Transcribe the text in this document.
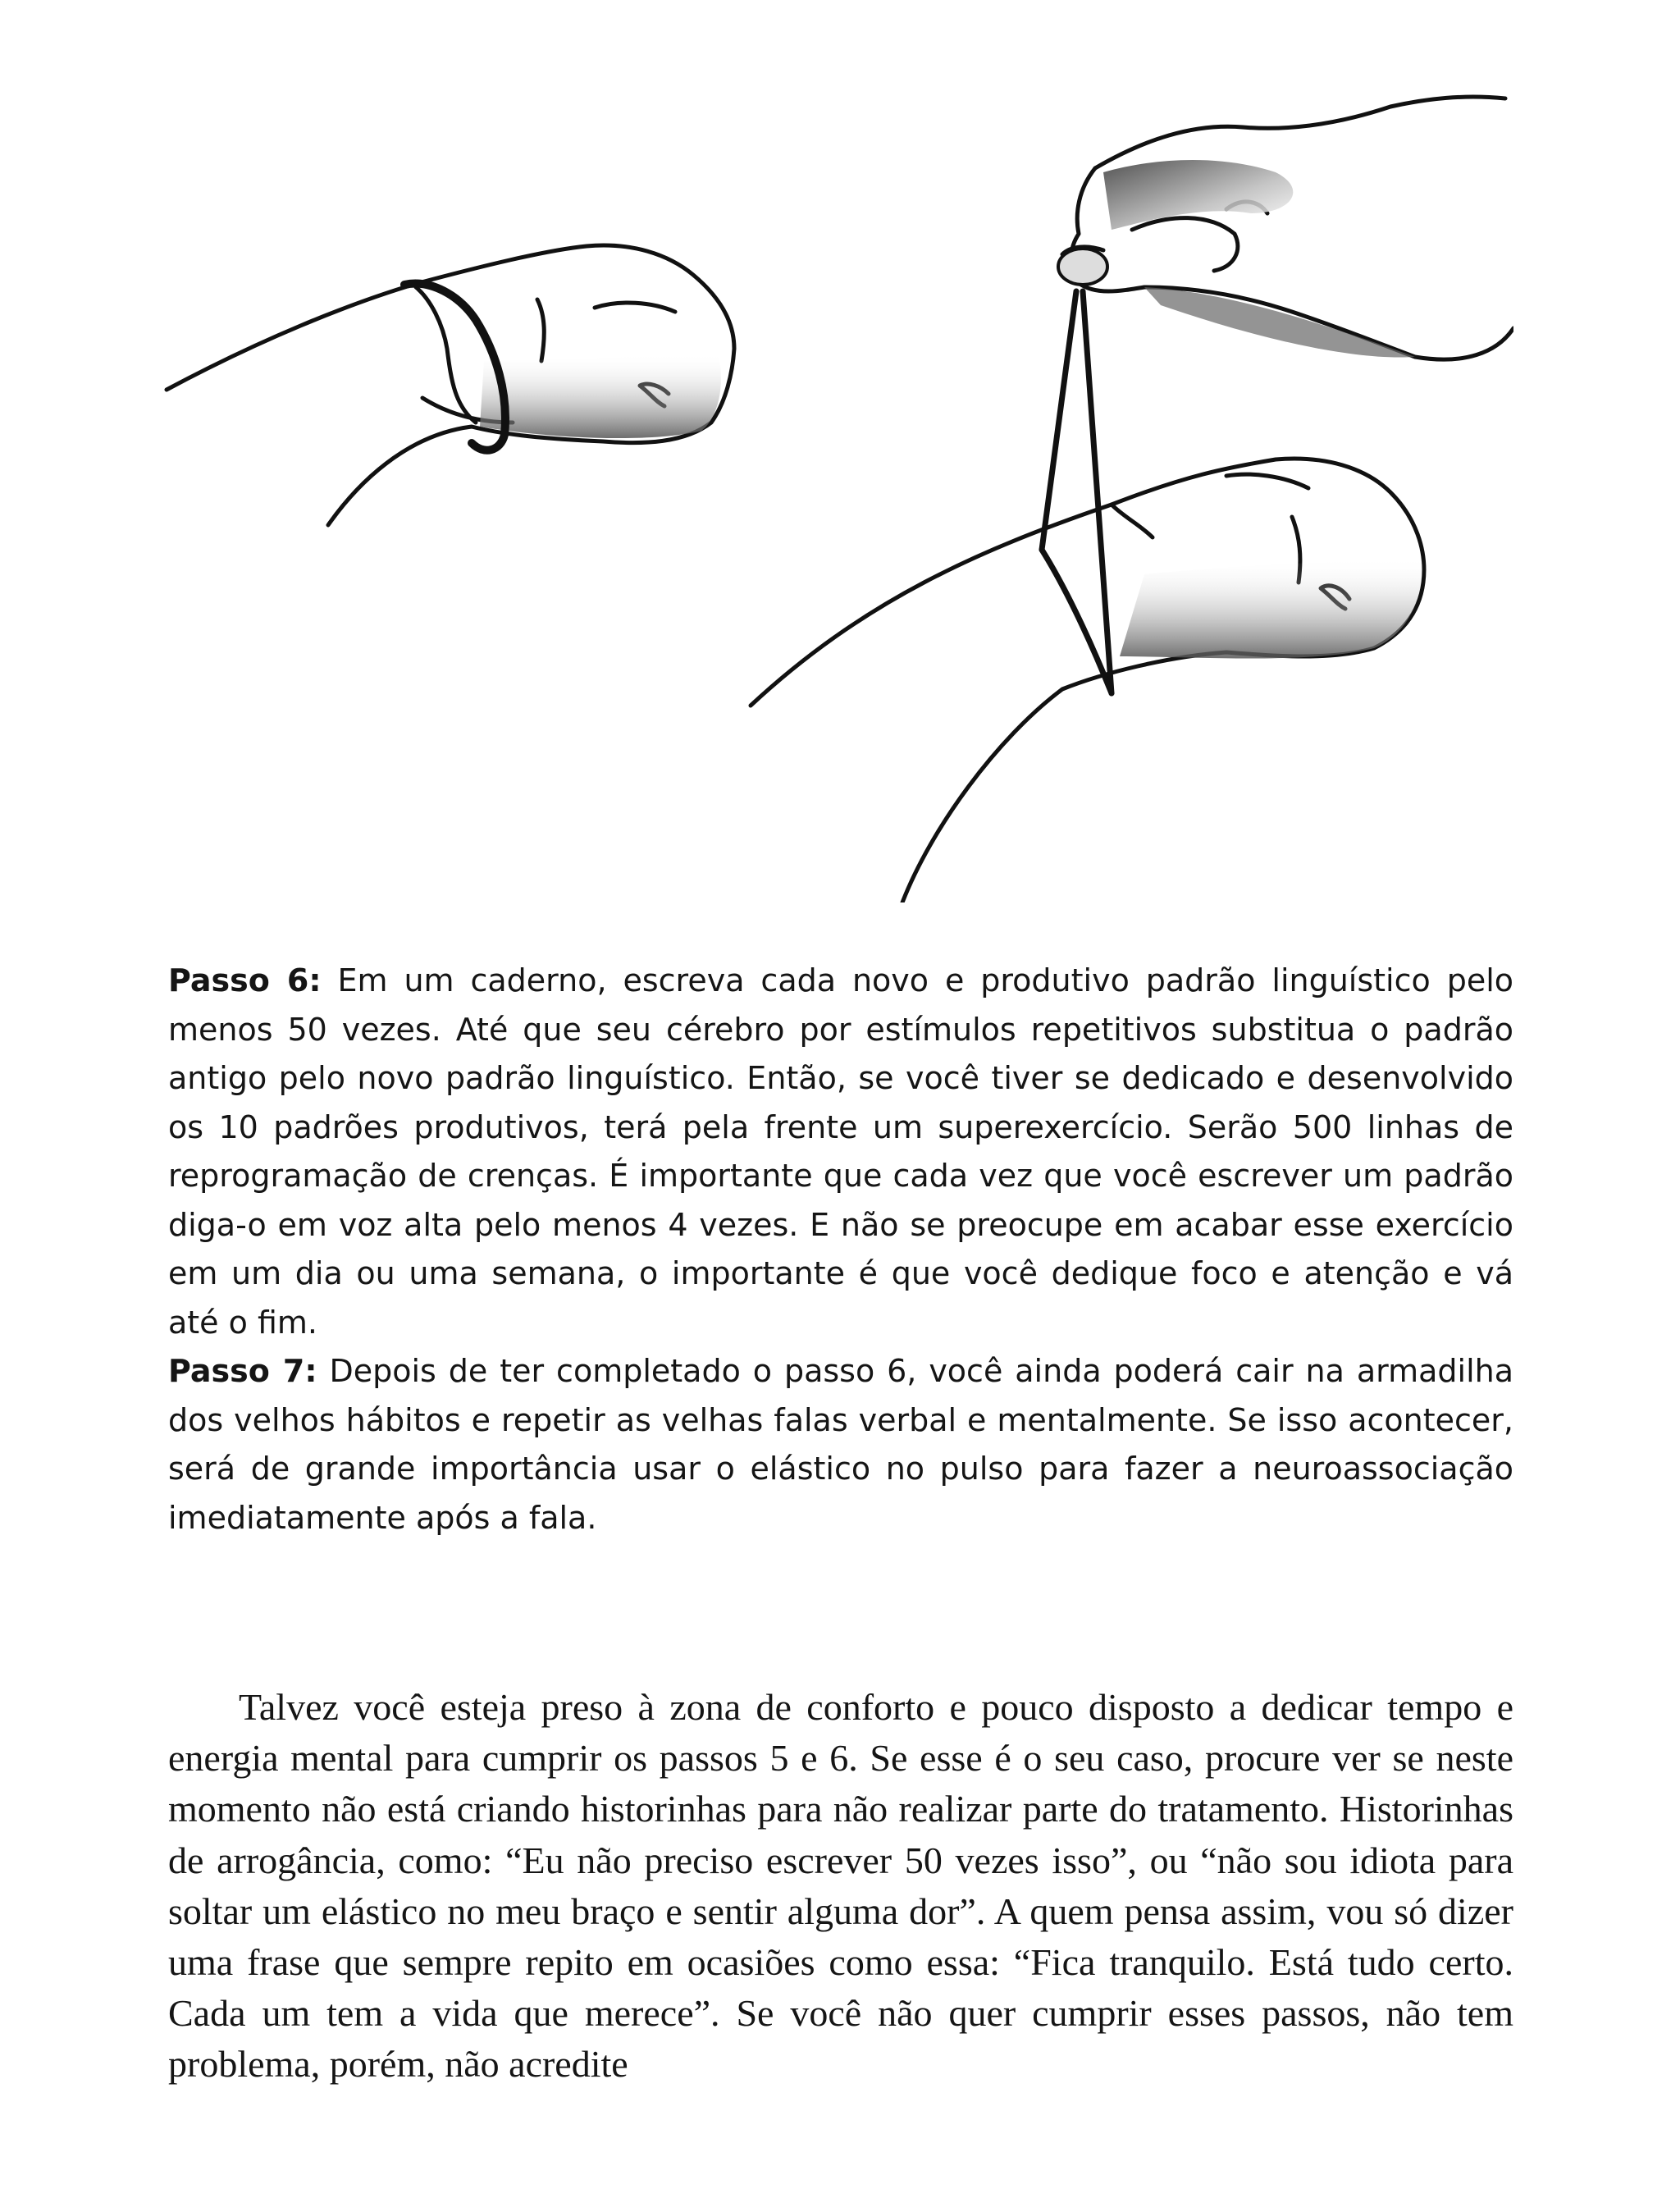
Passo 6: Em um caderno, escreva cada novo e produtivo padrão linguístico pelo menos 50 vezes. Até que seu cérebro por estímulos repetitivos substitua o padrão antigo pelo novo padrão linguístico. Então, se você tiver se dedicado e desenvolvido os 10 padrões produtivos, terá pela frente um superexercício. Serão 500 linhas de reprogramação de crenças. É importante que cada vez que você escrever um padrão diga-o em voz alta pelo menos 4 vezes. E não se preocupe em acabar esse exercício em um dia ou uma semana, o importante é que você dedique foco e atenção e vá até o fim.

Passo 7: Depois de ter completado o passo 6, você ainda poderá cair na armadilha dos velhos hábitos e repetir as velhas falas verbal e mentalmente. Se isso acontecer, será de grande importância usar o elástico no pulso para fazer a neuroassociação imediatamente após a fala.

Talvez você esteja preso à zona de conforto e pouco disposto a dedicar tempo e energia mental para cumprir os passos 5 e 6. Se esse é o seu caso, procure ver se neste momento não está criando historinhas para não realizar parte do tratamento. Historinhas de arrogância, como: “Eu não preciso escrever 50 vezes isso”, ou “não sou idiota para soltar um elástico no meu braço e sentir alguma dor”. A quem pensa assim, vou só dizer uma frase que sempre repito em ocasiões como essa: “Fica tranquilo. Está tudo certo. Cada um tem a vida que merece”. Se você não quer cumprir esses passos, não tem problema, porém, não acredite
